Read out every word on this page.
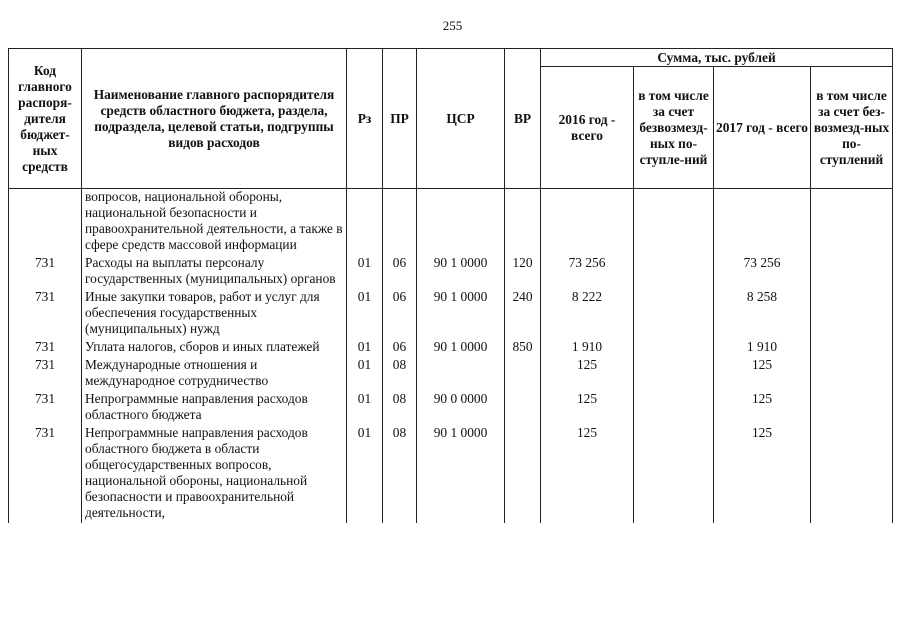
255
Код главного распоря-дителя бюджет-ных средств	Наименование главного распорядителя средств областного бюджета, раздела, подраздела, целевой статьи, подгруппы видов расходов	Рз	ПР	ЦСР	ВР	Сумма, тыс. рублей			
						2016 год - всего	в том числе за счет безвозмезд-ных по-ступле-ний	2017 год - всего	в том числе за счет без-возмезд-ных по-ступлений
	вопросов, национальной обороны, национальной безопасности и правоохранительной деятельности, а также в сфере средств массовой информации								
731	Расходы на выплаты персоналу государственных (муниципальных) органов	01	06	90 1 0000	120	73 256		73 256	
731	Иные закупки товаров, работ и услуг для обеспечения государственных (муниципальных) нужд	01	06	90 1 0000	240	8 222		8 258	
731	Уплата налогов, сборов и иных платежей	01	06	90 1 0000	850	1 910		1 910	
731	Международные отношения и международное сотрудничество	01	08			125		125	
731	Непрограммные направления расходов областного бюджета	01	08	90 0 0000		125		125	
731	Непрограммные направления расходов областного бюджета в области общегосударственных вопросов, национальной обороны, национальной безопасности и правоохранительной деятельности,	01	08	90 1 0000		125		125	
